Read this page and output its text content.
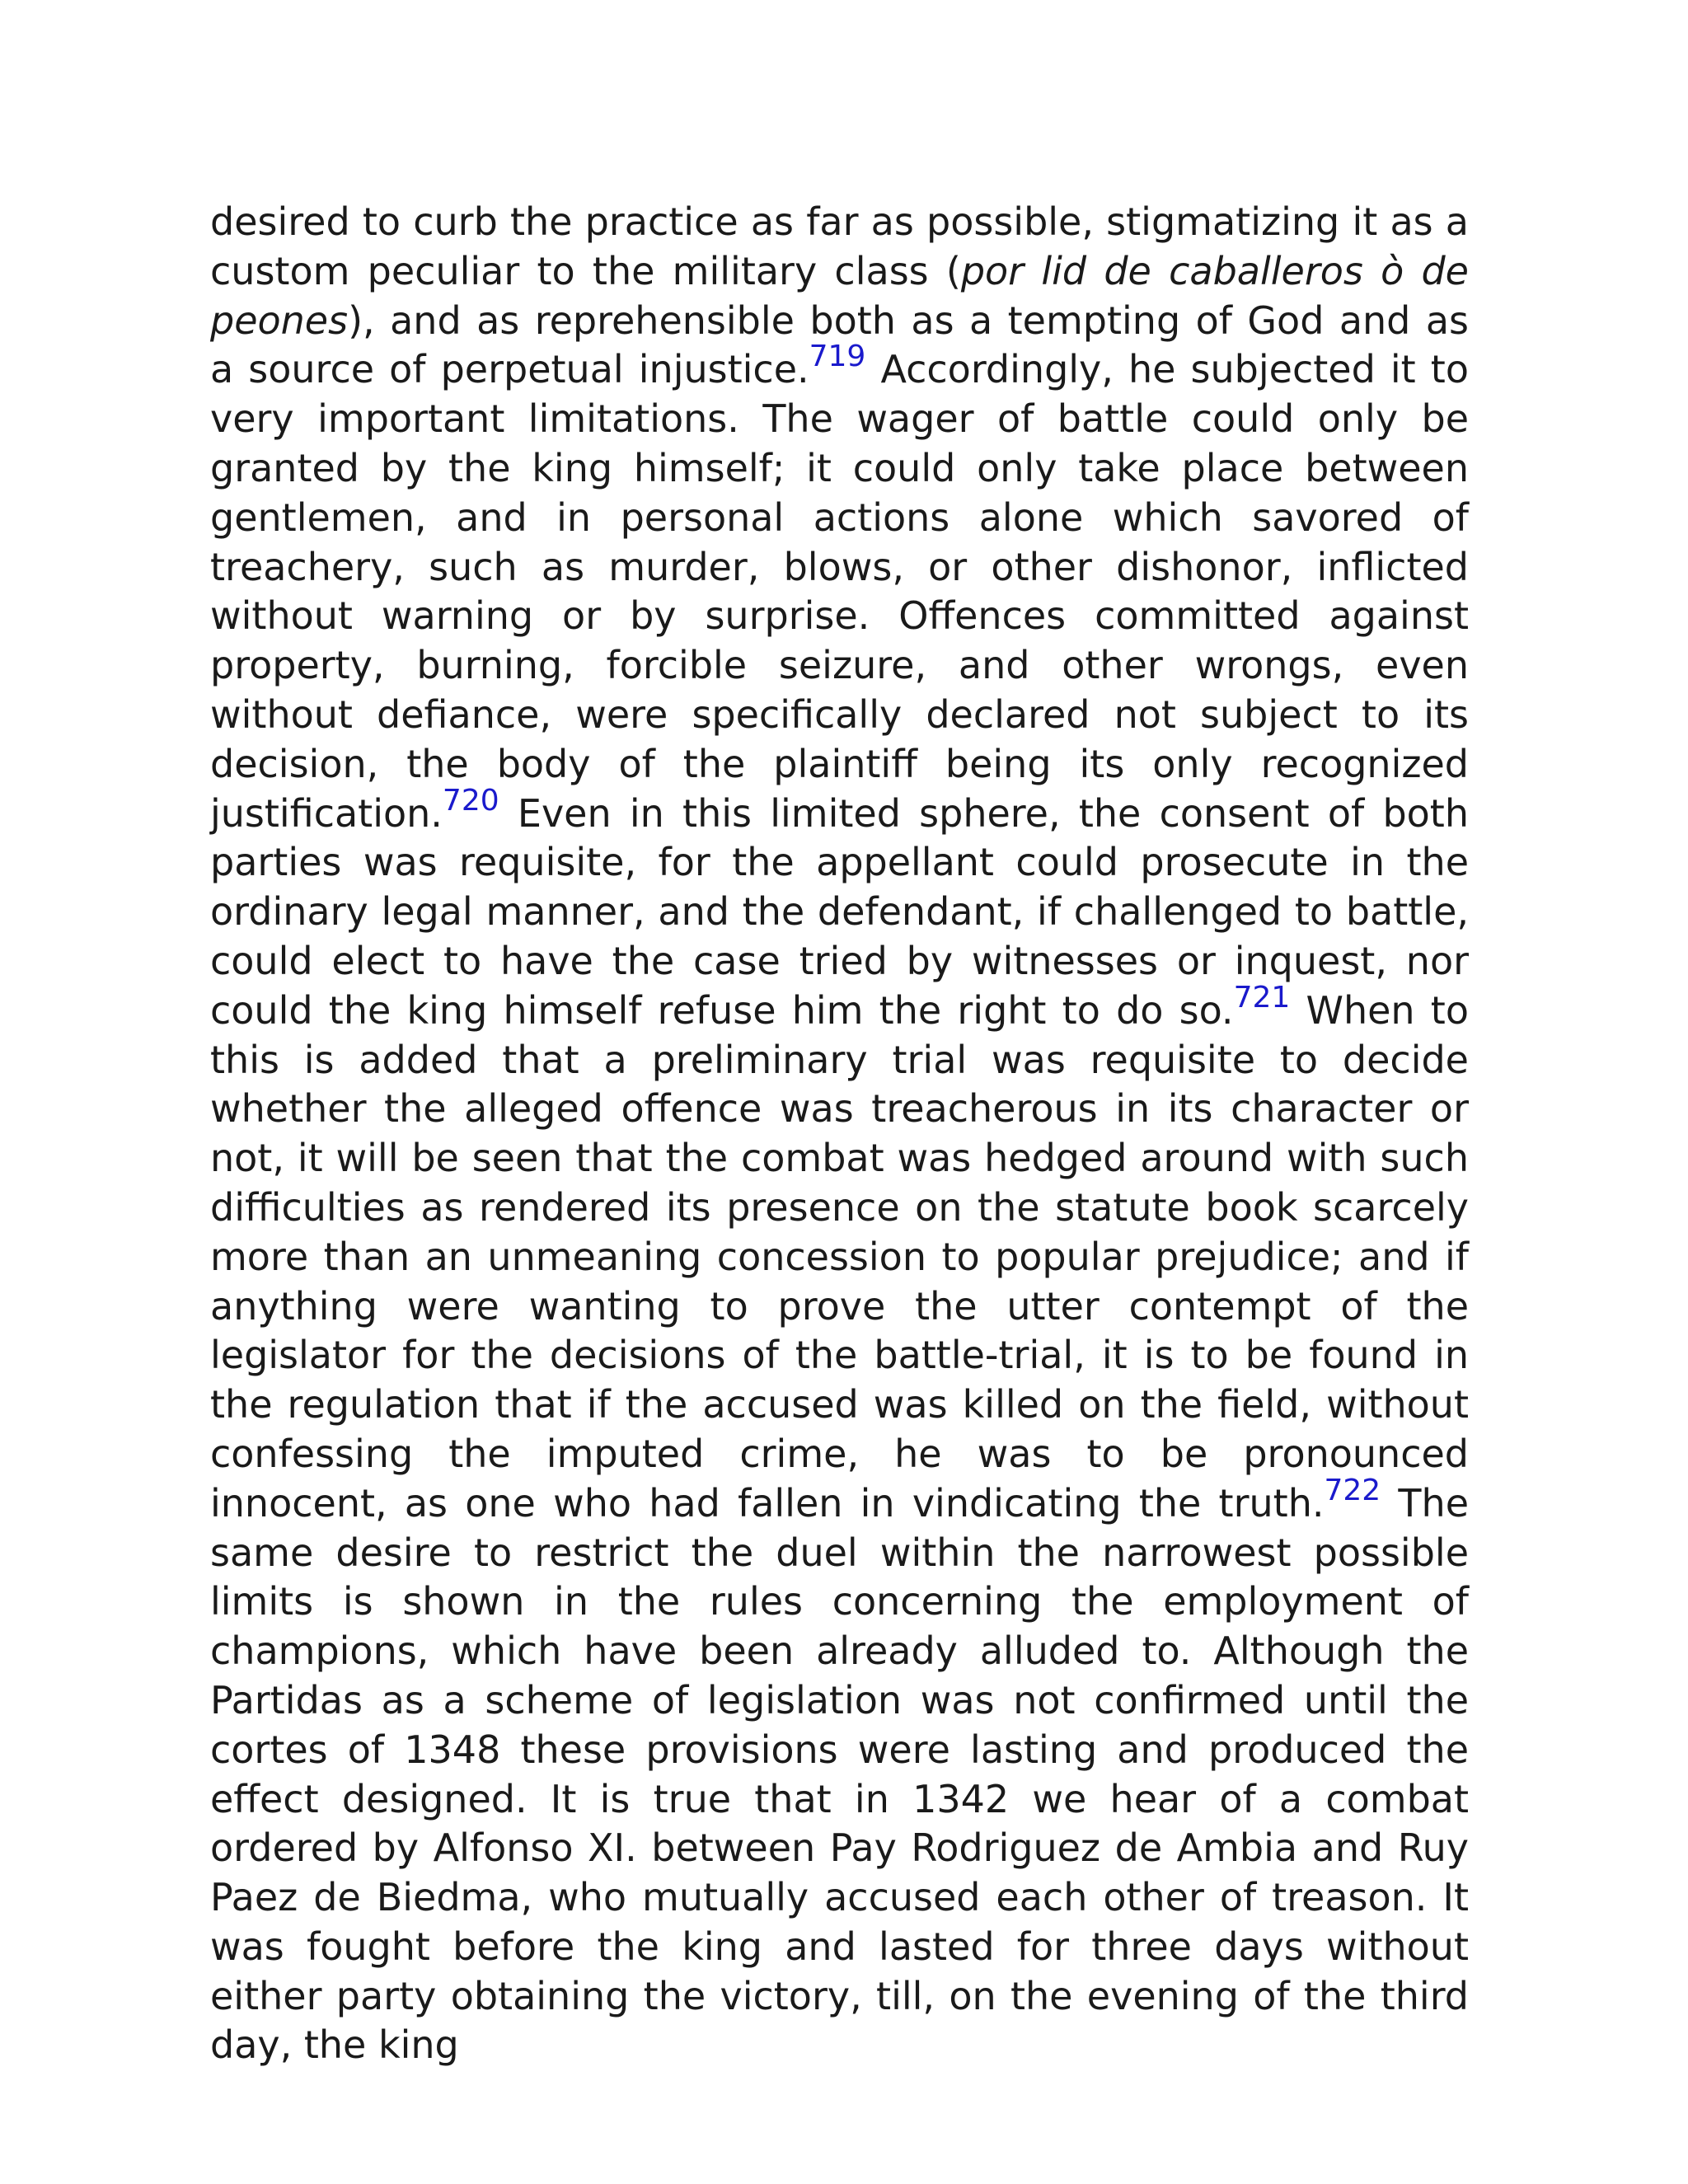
desired to curb the practice as far as possible, stigmatizing it as a custom peculiar to the military class (por lid de caballeros ò de peones), and as reprehensible both as a tempting of God and as a source of perpetual injustice.$^{719}$ Accordingly, he subjected it to very important limitations. The wager of battle could only be granted by the king himself; it could only take place between gentlemen, and in personal actions alone which savored of treachery, such as murder, blows, or other dishonor, inflicted without warning or by surprise. Offences committed against property, burning, forcible seizure, and other wrongs, even without defiance, were specifically declared not subject to its decision, the body of the plaintiff being its only recognized justification.$^{720}$ Even in this limited sphere, the consent of both parties was requisite, for the appellant could prosecute in the ordinary legal manner, and the defendant, if challenged to battle, could elect to have the case tried by witnesses or inquest, nor could the king himself refuse him the right to do so.$^{721}$ When to this is added that a preliminary trial was requisite to decide whether the alleged offence was treacherous in its character or not, it will be seen that the combat was hedged around with such difficulties as rendered its presence on the statute book scarcely more than an unmeaning concession to popular prejudice; and if anything were wanting to prove the utter contempt of the legislator for the decisions of the battle-trial, it is to be found in the regulation that if the accused was killed on the field, without confessing the imputed crime, he was to be pronounced innocent, as one who had fallen in vindicating the truth.$^{722}$ The same desire to restrict the duel within the narrowest possible limits is shown in the rules concerning the employment of champions, which have been already alluded to. Although the Partidas as a scheme of legislation was not confirmed until the cortes of 1348 these provisions were lasting and produced the effect designed. It is true that in 1342 we hear of a combat ordered by Alfonso XI. between Pay Rodriguez de Ambia and Ruy Paez de Biedma, who mutually accused each other of treason. It was fought before the king and lasted for three days without either party obtaining the victory, till, on the evening of the third day, the king
